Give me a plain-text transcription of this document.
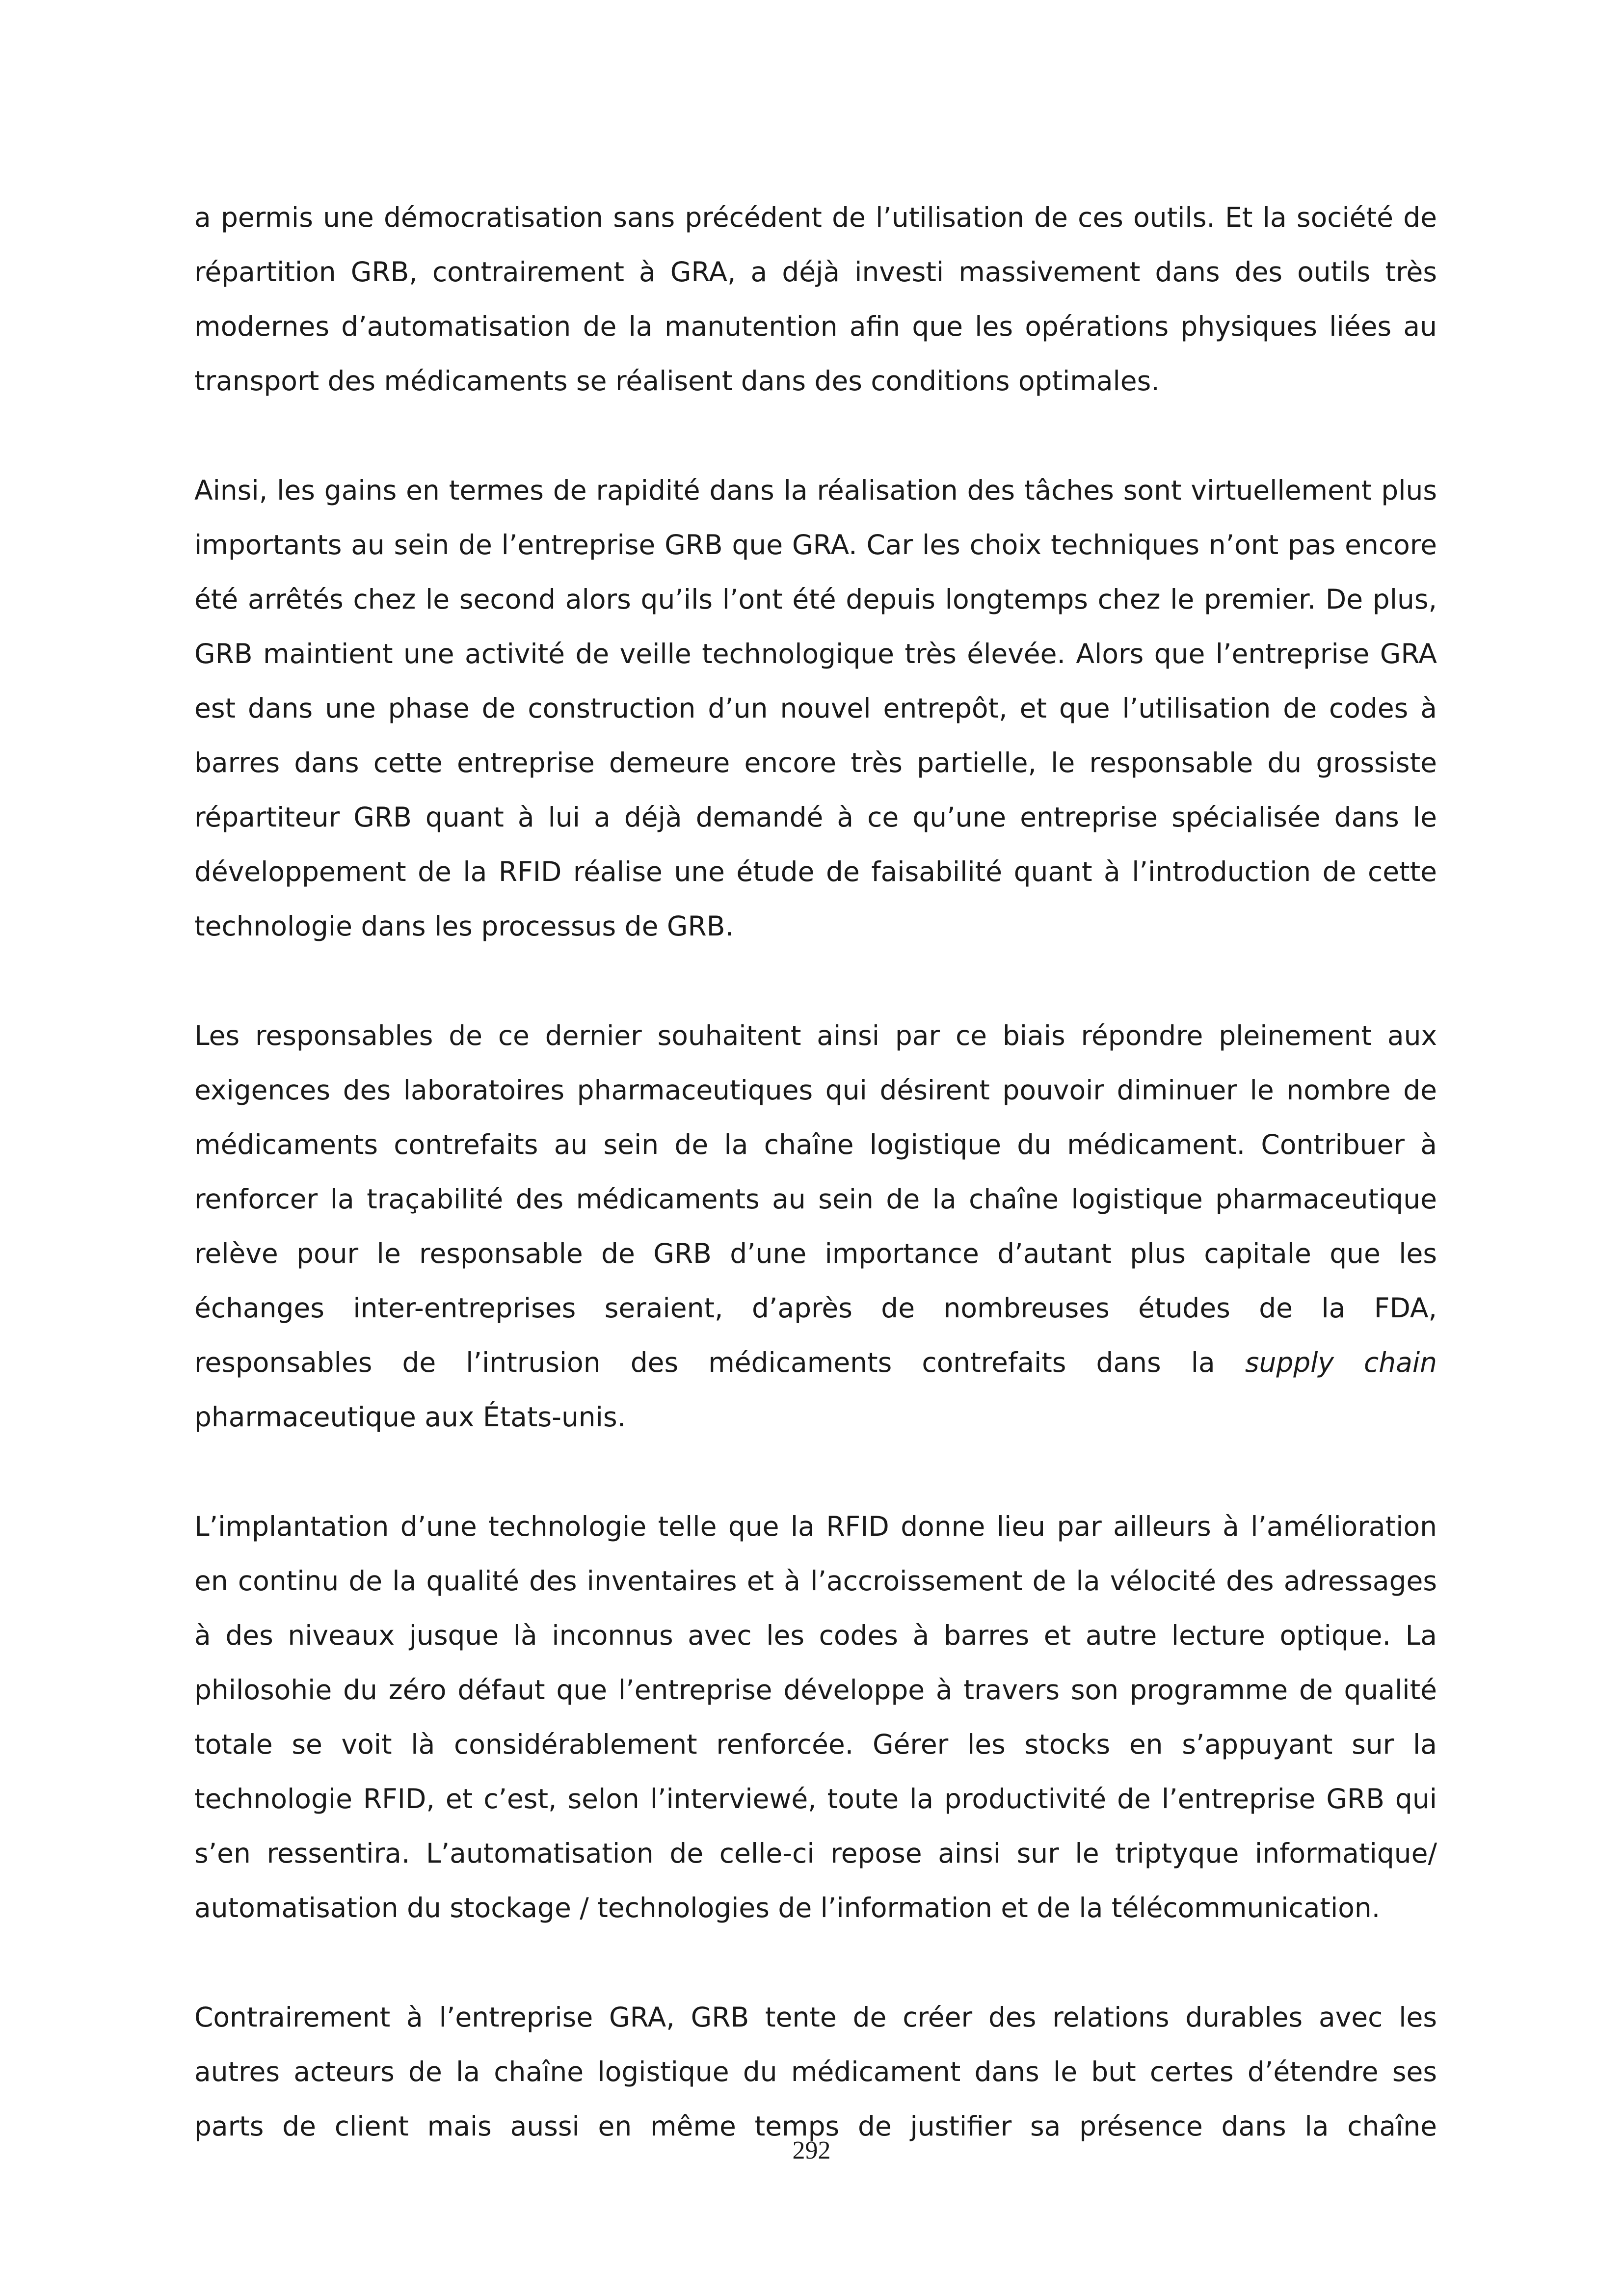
a permis une démocratisation sans précédent de l’utilisation de ces outils. Et la société de répartition GRB, contrairement à GRA, a déjà investi massivement dans des outils très modernes d’automatisation de la manutention afin que les opérations physiques liées au transport des médicaments se réalisent dans des conditions optimales.

Ainsi, les gains en termes de rapidité dans la réalisation des tâches sont virtuellement plus importants au sein de l’entreprise GRB que GRA. Car les choix techniques n’ont pas encore été arrêtés chez le second alors qu’ils l’ont été depuis longtemps chez le premier. De plus, GRB maintient une activité de veille technologique très élevée. Alors que l’entreprise GRA est dans une phase de construction d’un nouvel entrepôt, et que l’utilisation de codes à barres dans cette entreprise demeure encore très partielle, le responsable du grossiste répartiteur GRB quant à lui a déjà demandé à ce qu’une entreprise spécialisée dans le développement de la RFID réalise une étude de faisabilité quant à l’introduction de cette technologie dans les processus de GRB.

Les responsables de ce dernier souhaitent ainsi par ce biais répondre pleinement aux exigences des laboratoires pharmaceutiques qui désirent pouvoir diminuer le nombre de médicaments contrefaits au sein de la chaîne logistique du médicament. Contribuer à renforcer la traçabilité des médicaments au sein de la chaîne logistique pharmaceutique relève pour le responsable de GRB d’une importance d’autant plus capitale que les échanges inter-entreprises seraient, d’après de nombreuses études de la FDA, responsables de l’intrusion des médicaments contrefaits dans la supply chain pharmaceutique aux États-unis.

L’implantation d’une technologie telle que la RFID donne lieu par ailleurs à l’amélioration en continu de la qualité des inventaires et à l’accroissement de la vélocité des adressages à des niveaux jusque là inconnus avec les codes à barres et autre lecture optique. La philosohie du zéro défaut que l’entreprise développe à travers son programme de qualité totale se voit là considérablement renforcée. Gérer les stocks en s’appuyant sur la technologie RFID, et c’est, selon l’interviewé, toute la productivité de l’entreprise GRB qui s’en ressentira. L’automatisation de celle-ci repose ainsi sur le triptyque informatique/ automatisation du stockage / technologies de l’information et de la télécommunication.

Contrairement à l’entreprise GRA, GRB tente de créer des relations durables avec les autres acteurs de la chaîne logistique du médicament dans le but certes d’étendre ses parts de client mais aussi en même temps de justifier sa présence dans la chaîne

292
